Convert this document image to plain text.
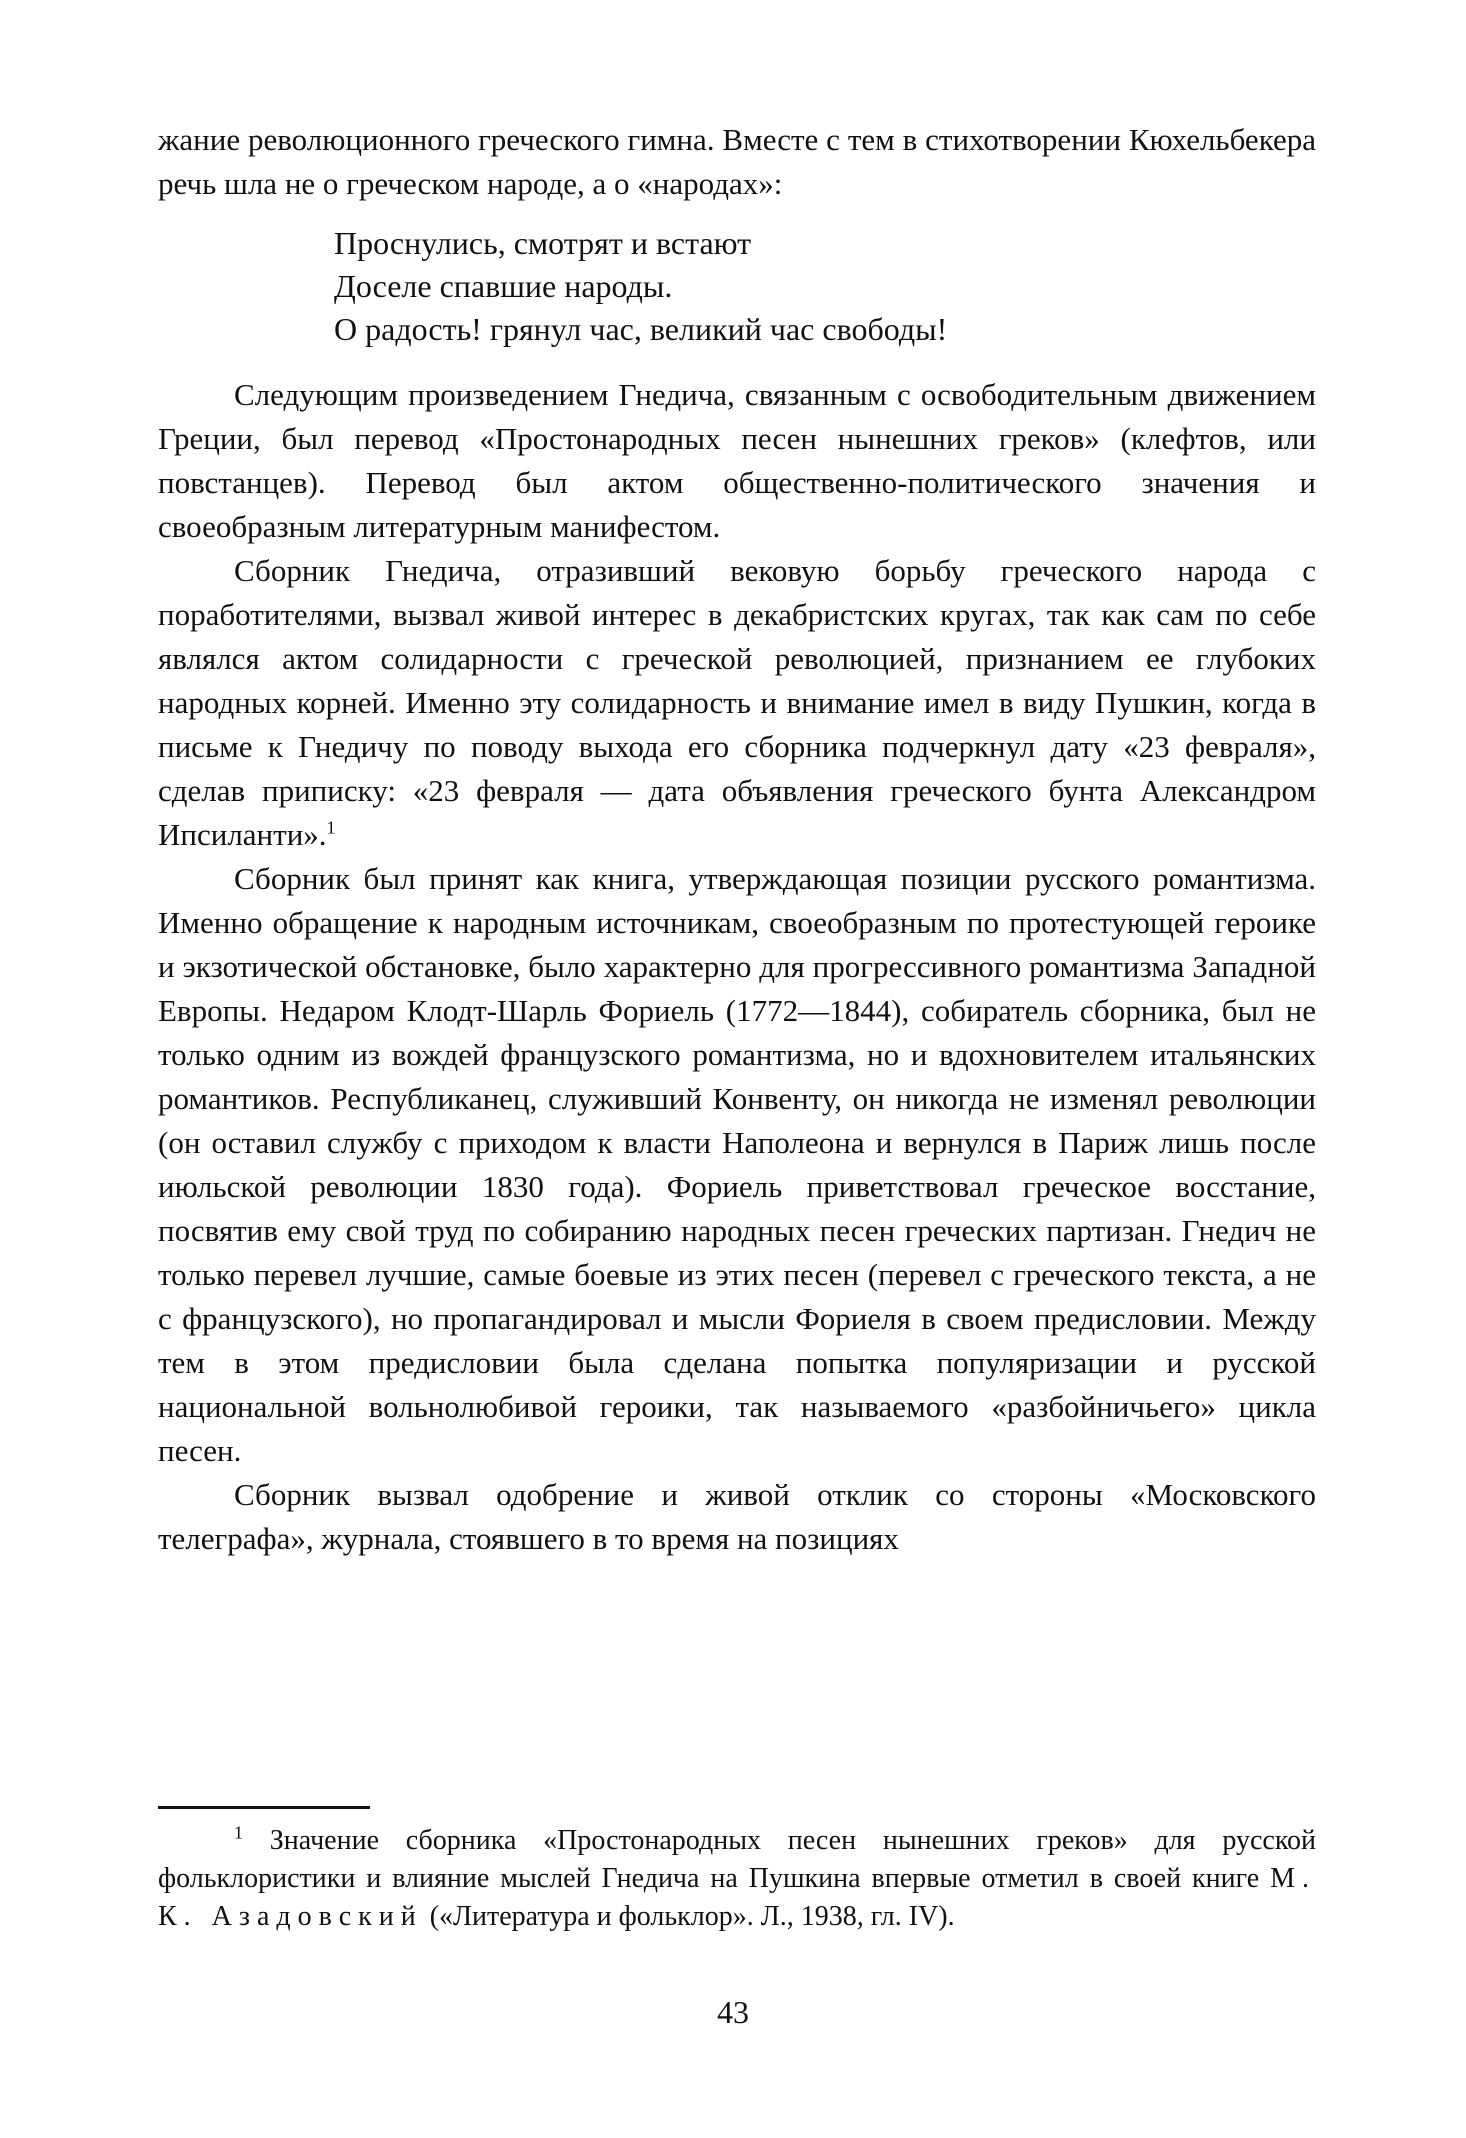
жание революционного греческого гимна. Вместе с тем в стихотворении Кюхельбекера речь шла не о греческом народе, а о «народах»:

Проснулись, смотрят и встают
Доселе спавшие народы.
О радость! грянул час, великий час свободы!

Следующим произведением Гнедича, связанным с освободительным движением Греции, был перевод «Простонародных песен нынешних греков» (клефтов, или повстанцев). Перевод был актом общественно-политического значения и своеобразным литературным манифестом.

Сборник Гнедича, отразивший вековую борьбу греческого народа с поработителями, вызвал живой интерес в декабристских кругах, так как сам по себе являлся актом солидарности с греческой революцией, признанием ее глубоких народных корней. Именно эту солидарность и внимание имел в виду Пушкин, когда в письме к Гнедичу по поводу выхода его сборника подчеркнул дату «23 февраля», сделав приписку: «23 февраля — дата объявления греческого бунта Александром Ипсиланти».$^1$

Сборник был принят как книга, утверждающая позиции русского романтизма. Именно обращение к народным источникам, своеобразным по протестующей героике и экзотической обстановке, было характерно для прогрессивного романтизма Западной Европы. Недаром Клодт-Шарль Фориель (1772—1844), собиратель сборника, был не только одним из вождей французского романтизма, но и вдохновителем итальянских романтиков. Республиканец, служивший Конвенту, он никогда не изменял революции (он оставил службу с приходом к власти Наполеона и вернулся в Париж лишь после июльской революции 1830 года). Фориель приветствовал греческое восстание, посвятив ему свой труд по собиранию народных песен греческих партизан. Гнедич не только перевел лучшие, самые боевые из этих песен (перевел с греческого текста, а не с французского), но пропагандировал и мысли Фориеля в своем предисловии. Между тем в этом предисловии была сделана попытка популяризации и русской национальной вольнолюбивой героики, так называемого «разбойничьего» цикла песен.

Сборник вызвал одобрение и живой отклик со стороны «Московского телеграфа», журнала, стоявшего в то время на позициях

$^1$ Значение сборника «Простонародных песен нынешних греков» для русской фольклористики и влияние мыслей Гнедича на Пушкина впервые отметил в своей книге М. К. Азадовский («Литература и фольклор». Л., 1938, гл. IV).

43
